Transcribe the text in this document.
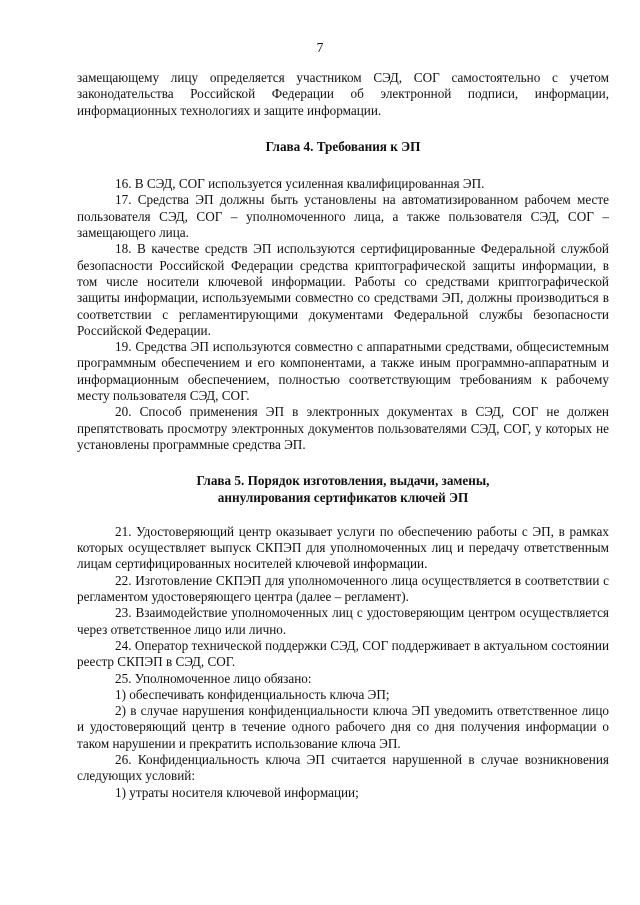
7

замещающему лицу определяется участником СЭД, СОГ самостоятельно с учетом законодательства Российской Федерации об электронной подписи, информации, информационных технологиях и защите информации.

Глава 4. Требования к ЭП

16. В СЭД, СОГ используется усиленная квалифицированная ЭП.

17. Средства ЭП должны быть установлены на автоматизированном рабочем месте пользователя СЭД, СОГ – уполномоченного лица, а также пользователя СЭД, СОГ – замещающего лица.

18. В качестве средств ЭП используются сертифицированные Федеральной службой безопасности Российской Федерации средства криптографической защиты информации, в том числе носители ключевой информации. Работы со средствами криптографической защиты информации, используемыми совместно со средствами ЭП, должны производиться в соответствии с регламентирующими документами Федеральной службы безопасности Российской Федерации.

19. Средства ЭП используются совместно с аппаратными средствами, общесистемным программным обеспечением и его компонентами, а также иным программно-аппаратным и информационным обеспечением, полностью соответствующим требованиям к рабочему месту пользователя СЭД, СОГ.

20. Способ применения ЭП в электронных документах в СЭД, СОГ не должен препятствовать просмотру электронных документов пользователями СЭД, СОГ, у которых не установлены программные средства ЭП.

Глава 5. Порядок изготовления, выдачи, замены,

аннулирования сертификатов ключей ЭП

21. Удостоверяющий центр оказывает услуги по обеспечению работы с ЭП, в рамках которых осуществляет выпуск СКПЭП для уполномоченных лиц и передачу ответственным лицам сертифицированных носителей ключевой информации.

22. Изготовление СКПЭП для уполномоченного лица осуществляется в соответствии с регламентом удостоверяющего центра (далее – регламент).

23. Взаимодействие уполномоченных лиц с удостоверяющим центром осуществляется через ответственное лицо или лично.

24. Оператор технической поддержки СЭД, СОГ поддерживает в актуальном состоянии реестр СКПЭП в СЭД, СОГ.

25. Уполномоченное лицо обязано:

1) обеспечивать конфиденциальность ключа ЭП;

2) в случае нарушения конфиденциальности ключа ЭП уведомить ответственное лицо и удостоверяющий центр в течение одного рабочего дня со дня получения информации о таком нарушении и прекратить использование ключа ЭП.

26. Конфиденциальность ключа ЭП считается нарушенной в случае возникновения следующих условий:

1) утраты носителя ключевой информации;
